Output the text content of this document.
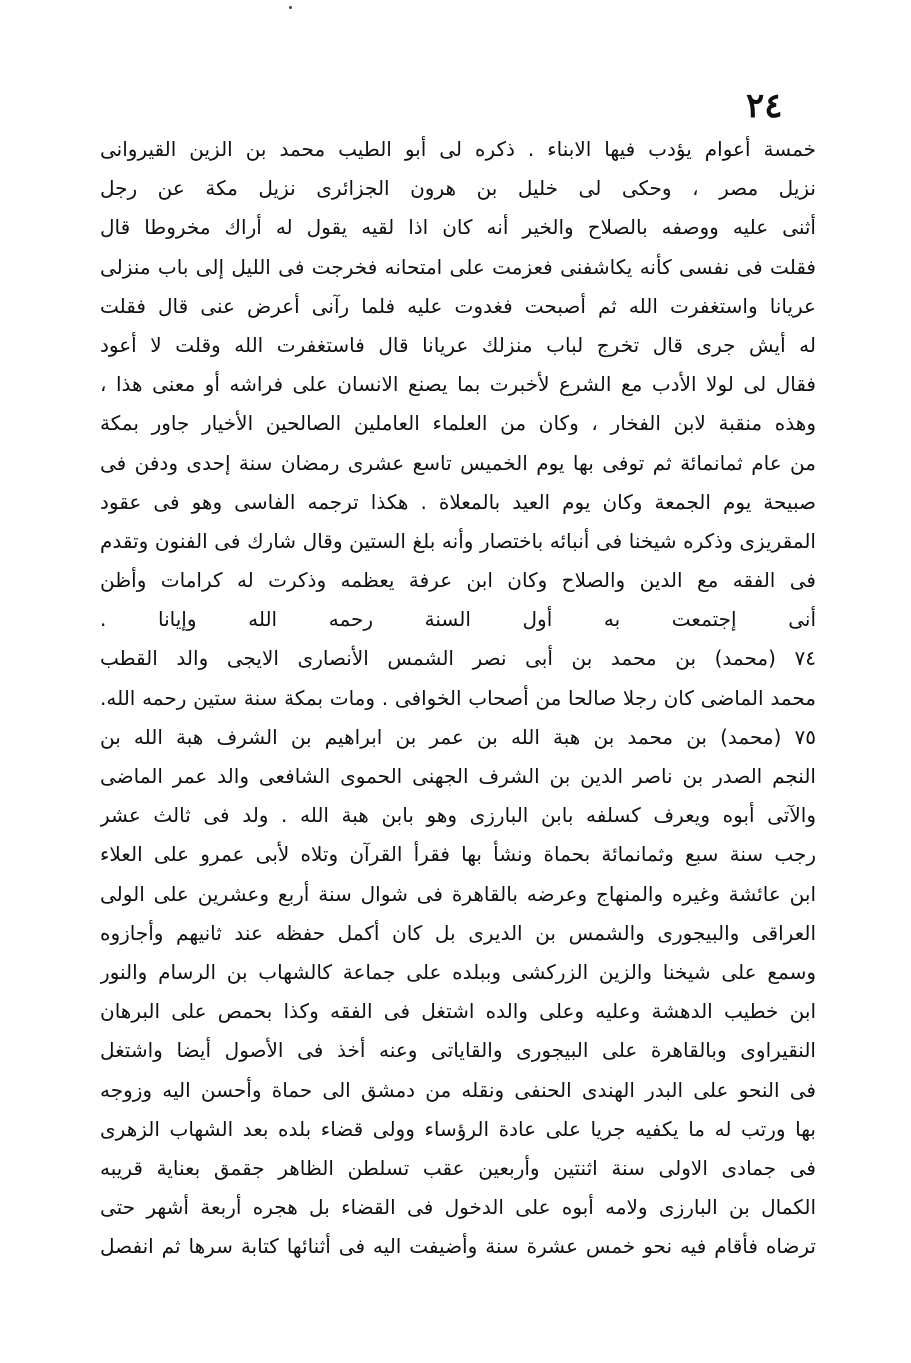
٢٤
خمسة أعوام يؤدب فيها الابناء . ذكره لى أبو الطيب محمد بن الزين القيروانى
نزيل مصر ، وحكى لى خليل بن هرون الجزائرى نزيل مكة عن رجل
أثنى عليه ووصفه بالصلاح والخير أنه كان اذا لقيه يقول له أراك مخروطا قال
فقلت فى نفسى كأنه يكاشفنى فعزمت على امتحانه فخرجت فى الليل إلى باب منزلى
عريانا واستغفرت الله ثم أصبحت فغدوت عليه فلما رآنى أعرض عنى قال فقلت
له أيش جرى قال تخرج لباب منزلك عريانا قال فاستغفرت الله وقلت لا أعود
فقال لى لولا الأدب مع الشرع لأخبرت بما يصنع الانسان على فراشه أو معنى هذا ،
وهذه منقبة لابن الفخار ، وكان من العلماء العاملين الصالحين الأخيار جاور بمكة
من عام ثمانمائة ثم توفى بها يوم الخميس تاسع عشرى رمضان سنة إحدى ودفن فى
صبيحة يوم الجمعة وكان يوم العيد بالمعلاة . هكذا ترجمه الفاسى وهو فى عقود
المقريزى وذكره شيخنا فى أنبائه باختصار وأنه بلغ الستين وقال شارك فى الفنون وتقدم
فى الفقه مع الدين والصلاح وكان ابن عرفة يعظمه وذكرت له كرامات وأظن
أنى إجتمعت به أول السنة رحمه الله وإيانا .
٧٤ (محمد) بن محمد بن أبى نصر الشمس الأنصارى الايجى والد القطب
محمد الماضى كان رجلا صالحا من أصحاب الخوافى . ومات بمكة سنة ستين رحمه الله.
٧٥ (محمد) بن محمد بن هبة الله بن عمر بن ابراهيم بن الشرف هبة الله بن
النجم الصدر بن ناصر الدين بن الشرف الجهنى الحموى الشافعى والد عمر الماضى
والآتى أبوه ويعرف كسلفه بابن البارزى وهو بابن هبة الله . ولد فى ثالث عشر
رجب سنة سبع وثمانمائة بحماة ونشأ بها فقرأ القرآن وتلاه لأبى عمرو على العلاء
ابن عائشة وغيره والمنهاج وعرضه بالقاهرة فى شوال سنة أربع وعشرين على الولى
العراقى والبيجورى والشمس بن الديرى بل كان أكمل حفظه عند ثانيهم وأجازوه
وسمع على شيخنا والزين الزركشى وببلده على جماعة كالشهاب بن الرسام والنور
ابن خطيب الدهشة وعليه وعلى والده اشتغل فى الفقه وكذا بحمص على البرهان
النقيراوى وبالقاهرة على البيجورى والقاياتى وعنه أخذ فى الأصول أيضا واشتغل
فى النحو على البدر الهندى الحنفى ونقله من دمشق الى حماة وأحسن اليه وزوجه
بها ورتب له ما يكفيه جريا على عادة الرؤساء وولى قضاء بلده بعد الشهاب الزهرى
فى جمادى الاولى سنة اثنتين وأربعين عقب تسلطن الظاهر جقمق بعناية قريبه
الكمال بن البارزى ولامه أبوه على الدخول فى القضاء بل هجره أربعة أشهر حتى
ترضاه فأقام فيه نحو خمس عشرة سنة وأضيفت اليه فى أثنائها كتابة سرها ثم انفصل
